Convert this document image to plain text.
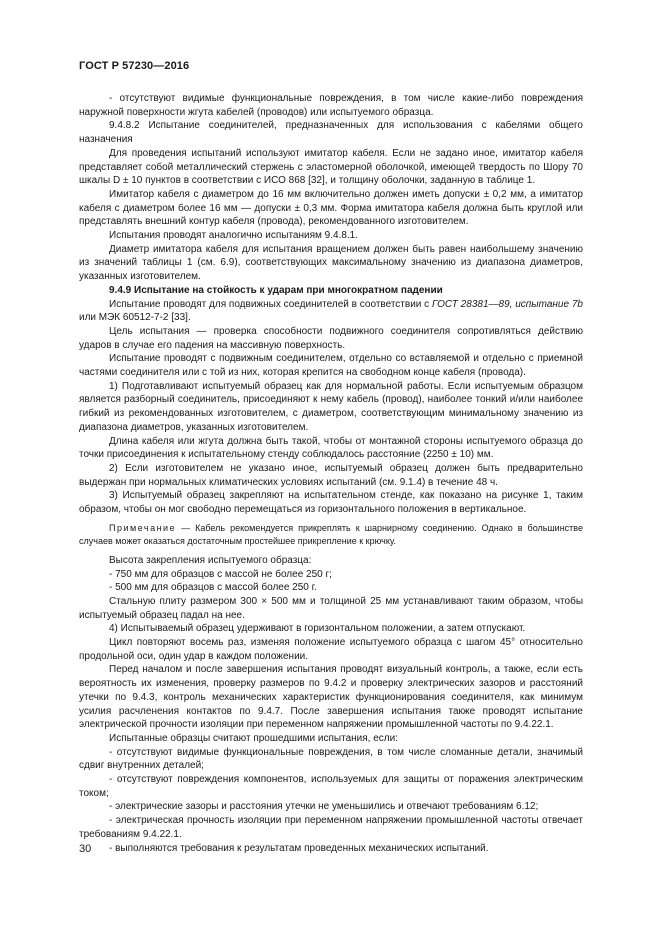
ГОСТ Р 57230—2016

- отсутствуют видимые функциональные повреждения, в том числе какие-либо повреждения наружной поверхности жгута кабелей (проводов) или испытуемого образца.

9.4.8.2 Испытание соединителей, предназначенных для использования с кабелями общего назначения

Для проведения испытаний используют имитатор кабеля. Если не задано иное, имитатор кабеля представляет собой металлический стержень с эластомерной оболочкой, имеющей твердость по Шору 70 шкалы D ± 10 пунктов в соответствии с ИСО 868 [32], и толщину оболочки, заданную в таблице 1.

Имитатор кабеля с диаметром до 16 мм включительно должен иметь допуски ± 0,2 мм, а имитатор кабеля с диаметром более 16 мм — допуски ± 0,3 мм. Форма имитатора кабеля должна быть круглой или представлять внешний контур кабеля (провода), рекомендованного изготовителем.

Испытания проводят аналогично испытаниям 9.4.8.1.

Диаметр имитатора кабеля для испытания вращением должен быть равен наибольшему значению из значений таблицы 1 (см. 6.9), соответствующих максимальному значению из диапазона диаметров, указанных изготовителем.

9.4.9 Испытание на стойкость к ударам при многократном падении

Испытание проводят для подвижных соединителей в соответствии с ГОСТ 28381—89, испытание 7b или МЭК 60512-7-2 [33].

Цель испытания — проверка способности подвижного соединителя сопротивляться действию ударов в случае его падения на массивную поверхность.

Испытание проводят с подвижным соединителем, отдельно со вставляемой и отдельно с приемной частями соединителя или с той из них, которая крепится на свободном конце кабеля (провода).

1) Подготавливают испытуемый образец как для нормальной работы. Если испытуемым образцом является разборный соединитель, присоединяют к нему кабель (провод), наиболее тонкий и/или наиболее гибкий из рекомендованных изготовителем, с диаметром, соответствующим минимальному значению из диапазона диаметров, указанных изготовителем.

Длина кабеля или жгута должна быть такой, чтобы от монтажной стороны испытуемого образца до точки присоединения к испытательному стенду соблюдалось расстояние (2250 ± 10) мм.

2) Если изготовителем не указано иное, испытуемый образец должен быть предварительно выдержан при нормальных климатических условиях испытаний (см. 9.1.4) в течение 48 ч.

3) Испытуемый образец закрепляют на испытательном стенде, как показано на рисунке 1, таким образом, чтобы он мог свободно перемещаться из горизонтального положения в вертикальное.

Примечание — Кабель рекомендуется прикреплять к шарнирному соединению. Однако в большинстве случаев может оказаться достаточным простейшее прикрепление к крючку.

Высота закрепления испытуемого образца:

- 750 мм для образцов с массой не более 250 г;

- 500 мм для образцов с массой более 250 г.

Стальную плиту размером 300 × 500 мм и толщиной 25 мм устанавливают таким образом, чтобы испытуемый образец падал на нее.

4) Испытываемый образец удерживают в горизонтальном положении, а затем отпускают.

Цикл повторяют восемь раз, изменяя положение испытуемого образца с шагом 45° относительно продольной оси, один удар в каждом положении.

Перед началом и после завершения испытания проводят визуальный контроль, а также, если есть вероятность их изменения, проверку размеров по 9.4.2 и проверку электрических зазоров и расстояний утечки по 9.4.3, контроль механических характеристик функционирования соединителя, как минимум усилия расчленения контактов по 9.4.7. После завершения испытания также проводят испытание электрической прочности изоляции при переменном напряжении промышленной частоты по 9.4.22.1.

Испытанные образцы считают прошедшими испытания, если:

- отсутствуют видимые функциональные повреждения, в том числе сломанные детали, значимый сдвиг внутренних деталей;

- отсутствуют повреждения компонентов, используемых для защиты от поражения электрическим током;

- электрические зазоры и расстояния утечки не уменьшились и отвечают требованиям 6.12;

- электрическая прочность изоляции при переменном напряжении промышленной частоты отвечает требованиям 9.4.22.1.

- выполняются требования к результатам проведенных механических испытаний.

30
